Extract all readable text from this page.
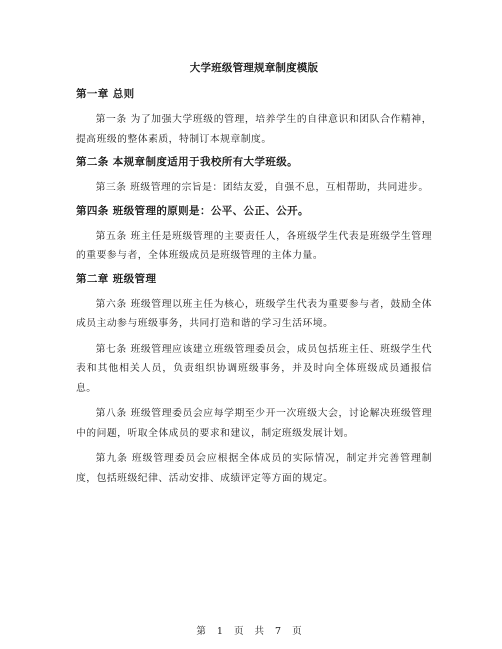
大学班级管理规章制度模版
第一章 总则
第一条 为了加强大学班级的管理，培养学生的自律意识和团队合作精神，提高班级的整体素质，特制订本规章制度。
第二条 本规章制度适用于我校所有大学班级。
第三条 班级管理的宗旨是：团结友爱，自强不息，互相帮助，共同进步。
第四条 班级管理的原则是：公平、公正、公开。
第五条 班主任是班级管理的主要责任人，各班级学生代表是班级学生管理的重要参与者，全体班级成员是班级管理的主体力量。
第二章 班级管理
第六条 班级管理以班主任为核心，班级学生代表为重要参与者，鼓励全体成员主动参与班级事务，共同打造和谐的学习生活环境。
第七条 班级管理应该建立班级管理委员会，成员包括班主任、班级学生代表和其他相关人员，负责组织协调班级事务，并及时向全体班级成员通报信息。
第八条 班级管理委员会应每学期至少开一次班级大会，讨论解决班级管理中的问题，听取全体成员的要求和建议，制定班级发展计划。
第九条 班级管理委员会应根据全体成员的实际情况，制定并完善管理制度，包括班级纪律、活动安排、成绩评定等方面的规定。
第 1 页 共 7 页
